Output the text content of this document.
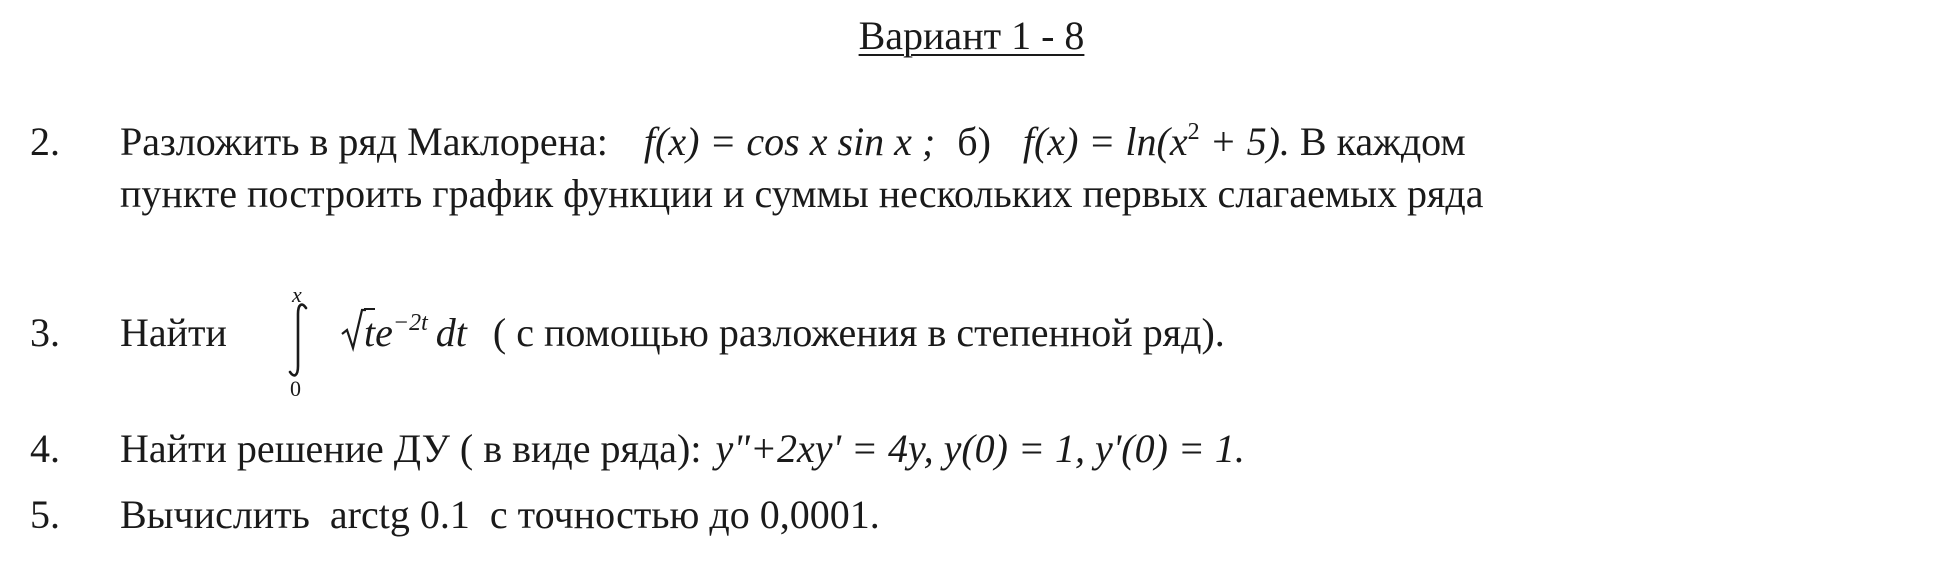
Вариант 1 - 8
2.	Разложить в ряд Маклорена: f(x) = cos x sin x ; б) $f(x) = \ln(x^2 + 5)$. В каждом
пункте построить график функции и суммы нескольких первых слагаемых ряда
3.	Найти
x
0
$te^{-2t}$ dt ( с помощью разложения в степенной ряд).
4.	Найти решение ДУ ( в виде ряда): y"+2xy' = 4y, y(0) = 1, y'(0) = 1.
5.	Вычислить arctg 0.1 с точностью до 0,0001.
